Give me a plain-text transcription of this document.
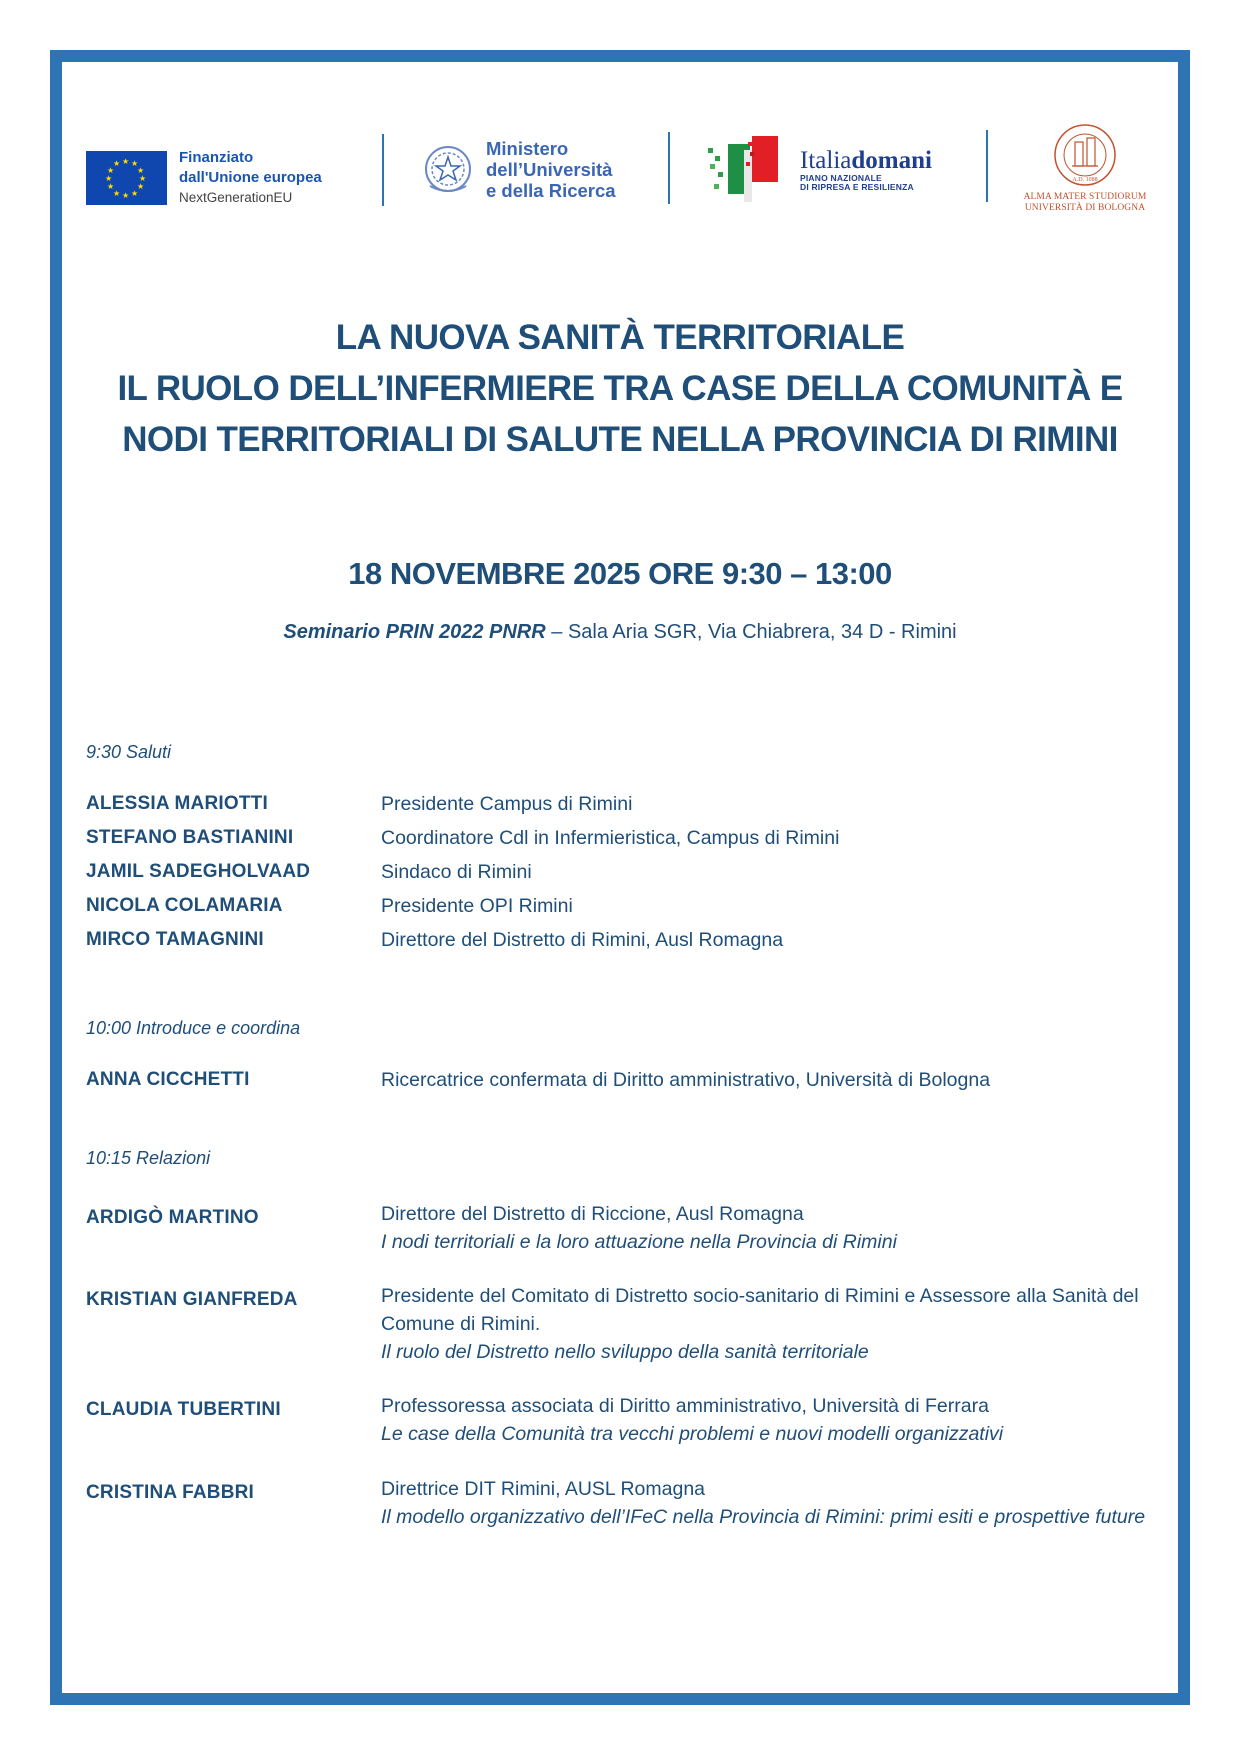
★ ★
★
★
★
★
★
★
★
★
★
★	Finanziato
dall'Unione europea
NextGenerationEU
Ministero
dell’Università
e della Ricerca
Italiadomani
PIANO NAZIONALE
DI RIPRESA E RESILIENZA
A.D. 1088
ALMA MATER STUDIORUM
UNIVERSITÀ DI BOLOGNA
LA NUOVA SANITÀ TERRITORIALE
IL RUOLO DELL’INFERMIERE TRA CASE DELLA COMUNITÀ E
NODI TERRITORIALI DI SALUTE NELLA PROVINCIA DI RIMINI
18 NOVEMBRE 2025 ORE 9:30 – 13:00
Seminario PRIN 2022 PNRR – Sala Aria SGR, Via Chiabrera, 34 D - Rimini
9:30 Saluti
ALESSIA MARIOTTI	Presidente Campus di Rimini
STEFANO BASTIANINI	Coordinatore Cdl in Infermieristica, Campus di Rimini
JAMIL SADEGHOLVAAD	Sindaco di Rimini
NICOLA COLAMARIA	Presidente OPI Rimini
MIRCO TAMAGNINI	Direttore del Distretto di Rimini, Ausl Romagna
10:00 Introduce e coordina
ANNA CICCHETTI	Ricercatrice confermata di Diritto amministrativo, Università di Bologna
10:15 Relazioni
ARDIGÒ MARTINO	Direttore del Distretto di Riccione, Ausl Romagna
I nodi territoriali e la loro attuazione nella Provincia di Rimini
KRISTIAN GIANFREDA	Presidente del Comitato di Distretto socio-sanitario di Rimini e Assessore alla Sanità del Comune di Rimini.
Il ruolo del Distretto nello sviluppo della sanità territoriale
CLAUDIA TUBERTINI	Professoressa associata di Diritto amministrativo, Università di Ferrara
Le case della Comunità tra vecchi problemi e nuovi modelli organizzativi
CRISTINA FABBRI	Direttrice DIT Rimini, AUSL Romagna
Il modello organizzativo dell’IFeC nella Provincia di Rimini: primi esiti e prospettive future
